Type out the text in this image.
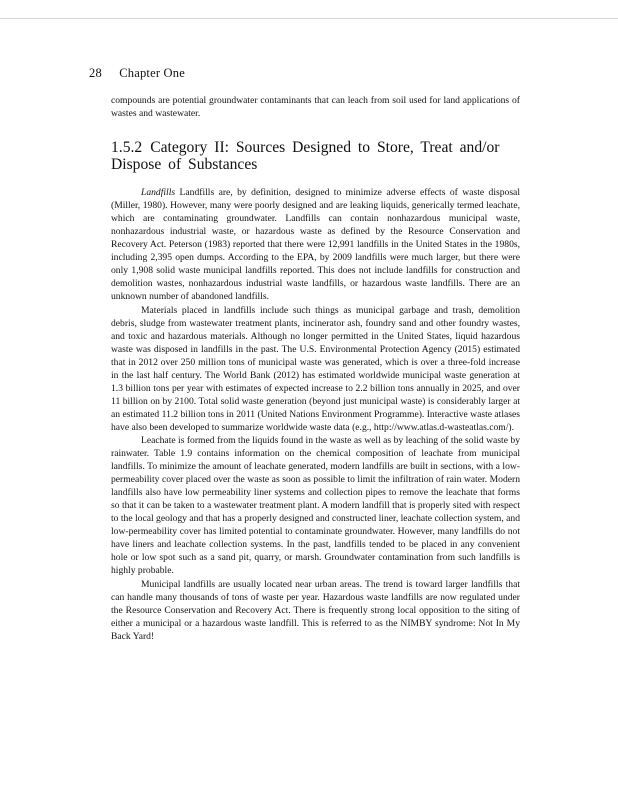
28 Chapter One

compounds are potential groundwater contaminants that can leach from soil used for land applications of wastes and wastewater.

1.5.2 Category II: Sources Designed to Store, Treat and/or Dispose of Substances

Landfills Landfills are, by definition, designed to minimize adverse effects of waste disposal (Miller, 1980). However, many were poorly designed and are leaking liquids, generically termed leachate, which are contaminating groundwater. Landfills can contain nonhazardous municipal waste, nonhazardous industrial waste, or hazardous waste as defined by the Resource Conservation and Recovery Act. Peterson (1983) reported that there were 12,991 landfills in the United States in the 1980s, including 2,395 open dumps. According to the EPA, by 2009 landfills were much larger, but there were only 1,908 solid waste municipal landfills reported. This does not include landfills for construction and demolition wastes, nonhazardous industrial waste landfills, or hazardous waste landfills. There are an unknown number of abandoned landfills.

Materials placed in landfills include such things as municipal garbage and trash, demolition debris, sludge from wastewater treatment plants, incinerator ash, foundry sand and other foundry wastes, and toxic and hazardous materials. Although no longer permitted in the United States, liquid hazardous waste was disposed in landfills in the past. The U.S. Environmental Protection Agency (2015) estimated that in 2012 over 250 million tons of municipal waste was generated, which is over a three-fold increase in the last half century. The World Bank (2012) has estimated worldwide municipal waste generation at 1.3 billion tons per year with estimates of expected increase to 2.2 billion tons annually in 2025, and over 11 billion on by 2100. Total solid waste generation (beyond just municipal waste) is considerably larger at an estimated 11.2 billion tons in 2011 (United Nations Environment Programme). Interactive waste atlases have also been developed to summarize worldwide waste data (e.g., http://www.atlas.d-wasteatlas.com/).

Leachate is formed from the liquids found in the waste as well as by leaching of the solid waste by rainwater. Table 1.9 contains information on the chemical composition of leachate from municipal landfills. To minimize the amount of leachate generated, modern landfills are built in sections, with a low-permeability cover placed over the waste as soon as possible to limit the infiltration of rain water. Modern landfills also have low permeability liner systems and collection pipes to remove the leachate that forms so that it can be taken to a wastewater treatment plant. A modern landfill that is properly sited with respect to the local geology and that has a properly designed and constructed liner, leachate collection system, and low-permeability cover has limited potential to contaminate groundwater. However, many landfills do not have liners and leachate collection systems. In the past, landfills tended to be placed in any convenient hole or low spot such as a sand pit, quarry, or marsh. Groundwater contamination from such landfills is highly probable.

Municipal landfills are usually located near urban areas. The trend is toward larger landfills that can handle many thousands of tons of waste per year. Hazardous waste landfills are now regulated under the Resource Conservation and Recovery Act. There is frequently strong local opposition to the siting of either a municipal or a hazardous waste landfill. This is referred to as the NIMBY syndrome: Not In My Back Yard!
